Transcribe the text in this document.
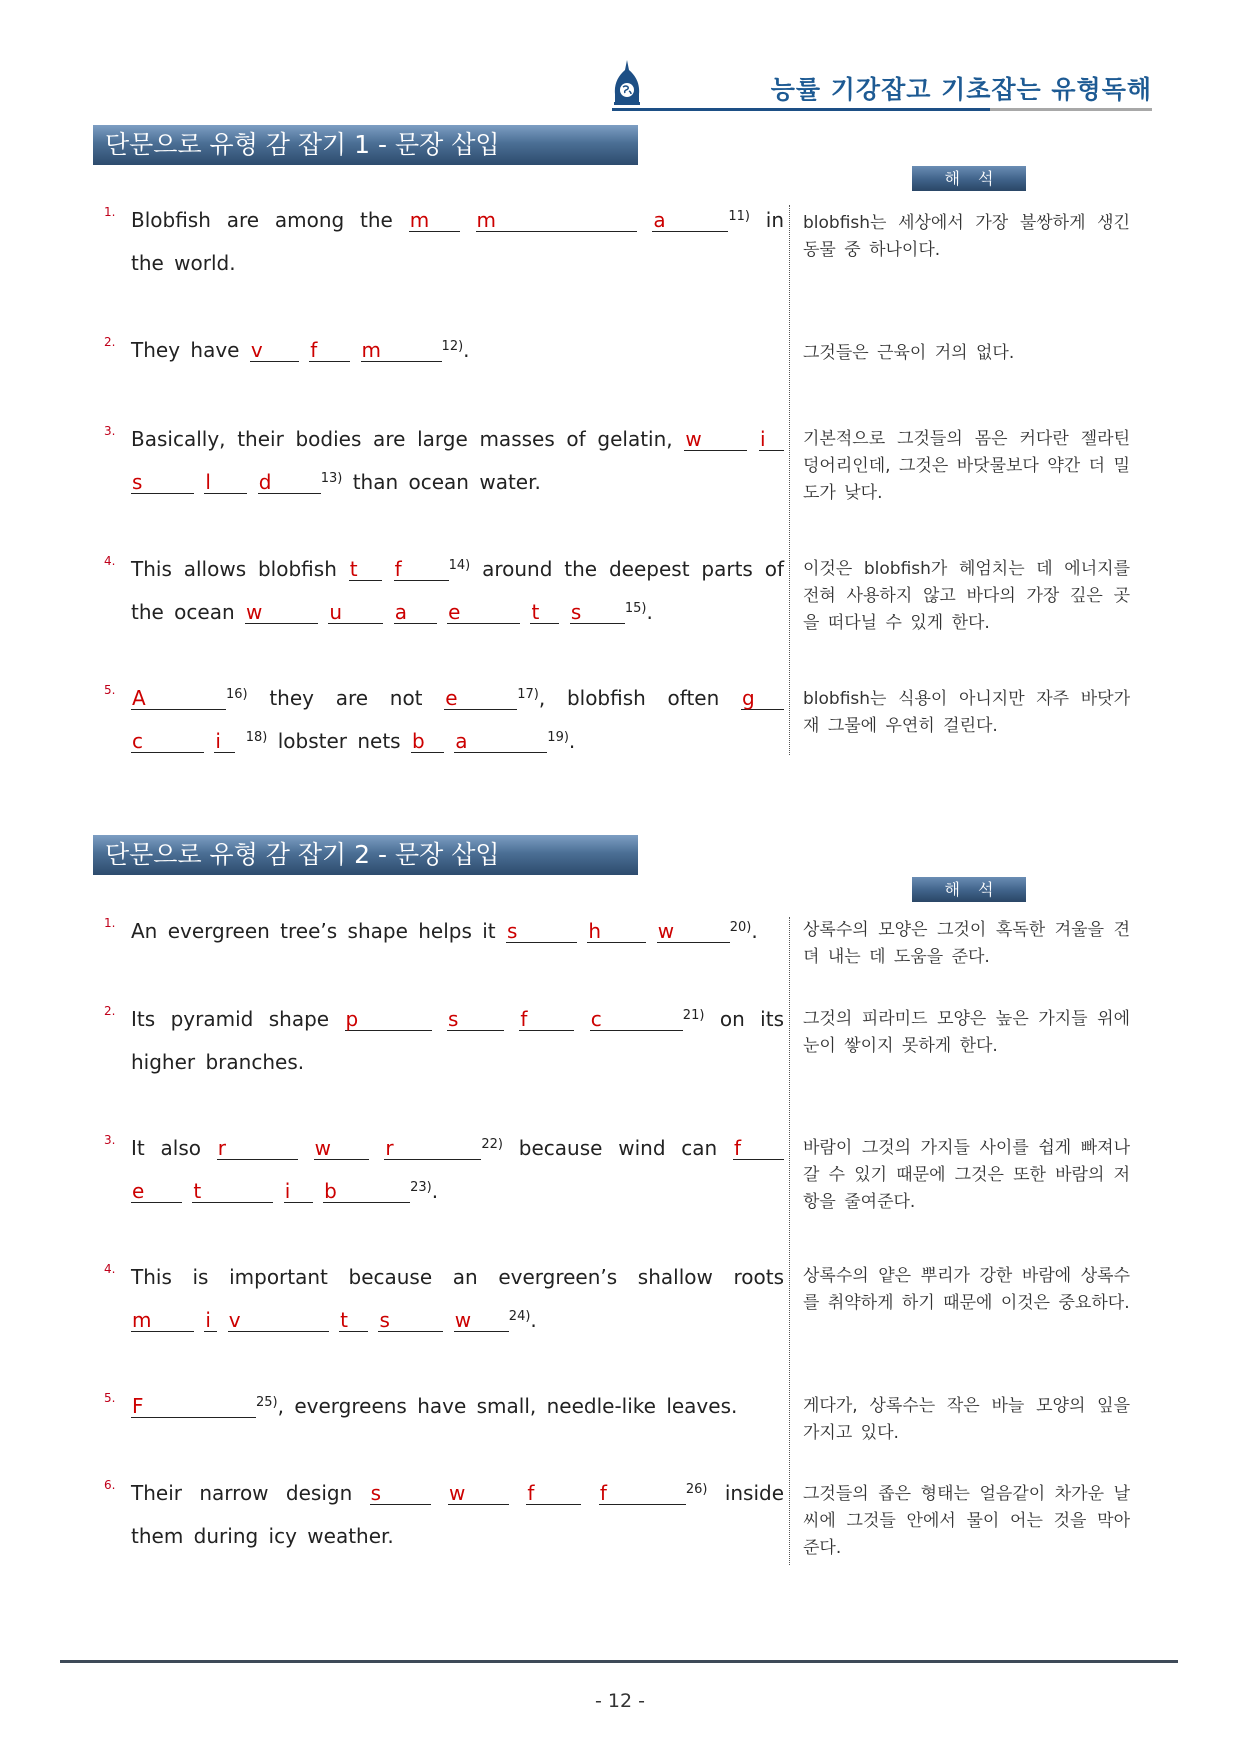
능률 기강잡고 기초잡는 유형독해
단문으로 유형 감 잡기 1 - 문장 삽입
해석
1. Blobfish are among the m m	a	$^{11)}$ in the world.
blobfish는 세상에서 가장 불쌍하게 생긴 동물 중 하나이다.
2. They have v f m	$^{12)}$.	그것들은 근육이 거의 없다.
3. Basically, their bodies are large masses of gelatin, w	i s	l d	$^{13)}$ than ocean water.
기본적으로 그것들의 몸은 커다란 젤라틴 덩어리인데, 그것은 바닷물보다 약간 더 밀도가 낮다.
4. This allows blobfish t f	$^{14)}$ around the deepest parts of the ocean w	u	a e	t s	$^{15)}$.
이것은 blobfish가 헤엄치는 데 에너지를 전혀 사용하지 않고 바다의 가장 깊은 곳을 떠다닐 수 있게 한다.
5. A	$^{16)}$ they are not e	$^{17)}$, blobfish often g c	i $^{18)}$ lobster nets b a	$^{19)}$.
blobfish는 식용이 아니지만 자주 바닷가재 그물에 우연히 걸린다.
단문으로 유형 감 잡기 2 - 문장 삽입
해석
1. An evergreen tree’s shape helps it s	h	w	$^{20)}$.	상록수의 모양은 그것이 혹독한 겨울을 견뎌 내는 데 도움을 준다.
2. Its pyramid shape p	s	f	c	$^{21)}$ on its higher branches.
그것의 피라미드 모양은 높은 가지들 위에 눈이 쌓이지 못하게 한다.
3. It also r	w	r	$^{22)}$ because wind can f e t	i b	$^{23)}$.
바람이 그것의 가지들 사이를 쉽게 빠져나갈 수 있기 때문에 그것은 또한 바람의 저항을 줄여준다.
4. This is important because an evergreen’s shallow roots m	i v	t s	w	$^{24)}$.
상록수의 얕은 뿌리가 강한 바람에 상록수를 취약하게 하기 때문에 이것은 중요하다.
5. F	$^{25)}$, evergreens have small, needle-like leaves.	게다가, 상록수는 작은 바늘 모양의 잎을 가지고 있다.
6. Their narrow design s	w	f	f	$^{26)}$ inside them during icy weather.
그것들의 좁은 형태는 얼음같이 차가운 날씨에 그것들 안에서 물이 어는 것을 막아준다.
- 12 -
